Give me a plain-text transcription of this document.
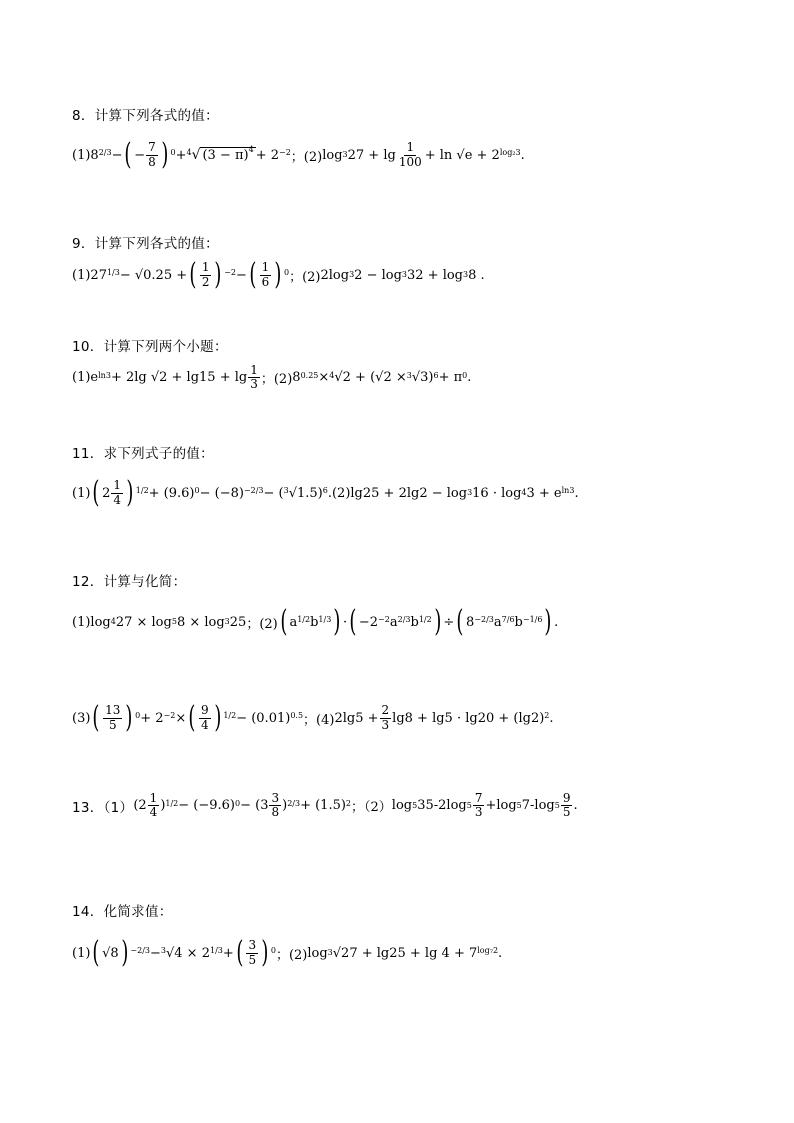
8．计算下列各式的值：
(1) 8 2/3 − ( − $\frac{7}{8}$ ) 0 + 4 √ $(3 - \pi)^4 + 2 -2$ ；(2) log 3 $27 + \lg \frac{1}{100} + \ln √e + 2$ log₂3 .
9．计算下列各式的值：
(1) 27 1/3 − √0.25 + ( $\frac{1}{2}$ ) −2 − ( $\frac{1}{6}$ ) 0 ；(2) 2log 3 2 − log 3 32 + log 3 8 .
10．计算下列两个小题：
(1) e ln3 + 2lg $√2 + \lg 15 + \lg \frac{1}{3}$ ；(2) 8 0.25 × 4 √2 + (√2 × 3 √3) 6 + π 0 .
11．求下列式子的值：
(1) ( $2 \frac{1}{4}$ ) 1/2 + (9.6) 0 − (−8) −2/3 − ( 3 √1.5) 6 .(2) lg25 + 2lg2 − log 3 16 · log 4 3 + e ln3 .
12．计算与化简：
(1) log 4 27 × log 5 8 × log 3 25 ；(2) ( a 1/2 b 1/3 ) · ( −2 −2 a 2/3 b 1/2 ) ÷ ( 8 −2/3 a 7/6 b −1/6 ) .
(3) ( $\frac{13}{5}$ ) 0 + 2 −2 × ( $\frac{9}{4}$ ) 1/2 − (0.01) 0.5 ；(4) $2\lg 5 + \frac{2}{3} \lg 8 + \lg 5 \cdot \lg 20 + (\lg 2)$ 2 .
13．（1） ($2 \frac{1}{4}$ ) 1/2 − (−9.6) $0 - (3 \frac{3}{8}$ ) 2/3 + (1.5) 2 ；（2） log 5 35-2log $5 \frac{7}{3} +\log$ 5 7-log $5 \frac{9}{5}$ .
14．化简求值：
(1) ( √8 ) −2/3 − 3 √4 × 2 1/3 + ( $\frac{3}{5}$ ) 0 ；(2) log 3 √27 + lg25 + lg 4 + 7 log₇2 .
